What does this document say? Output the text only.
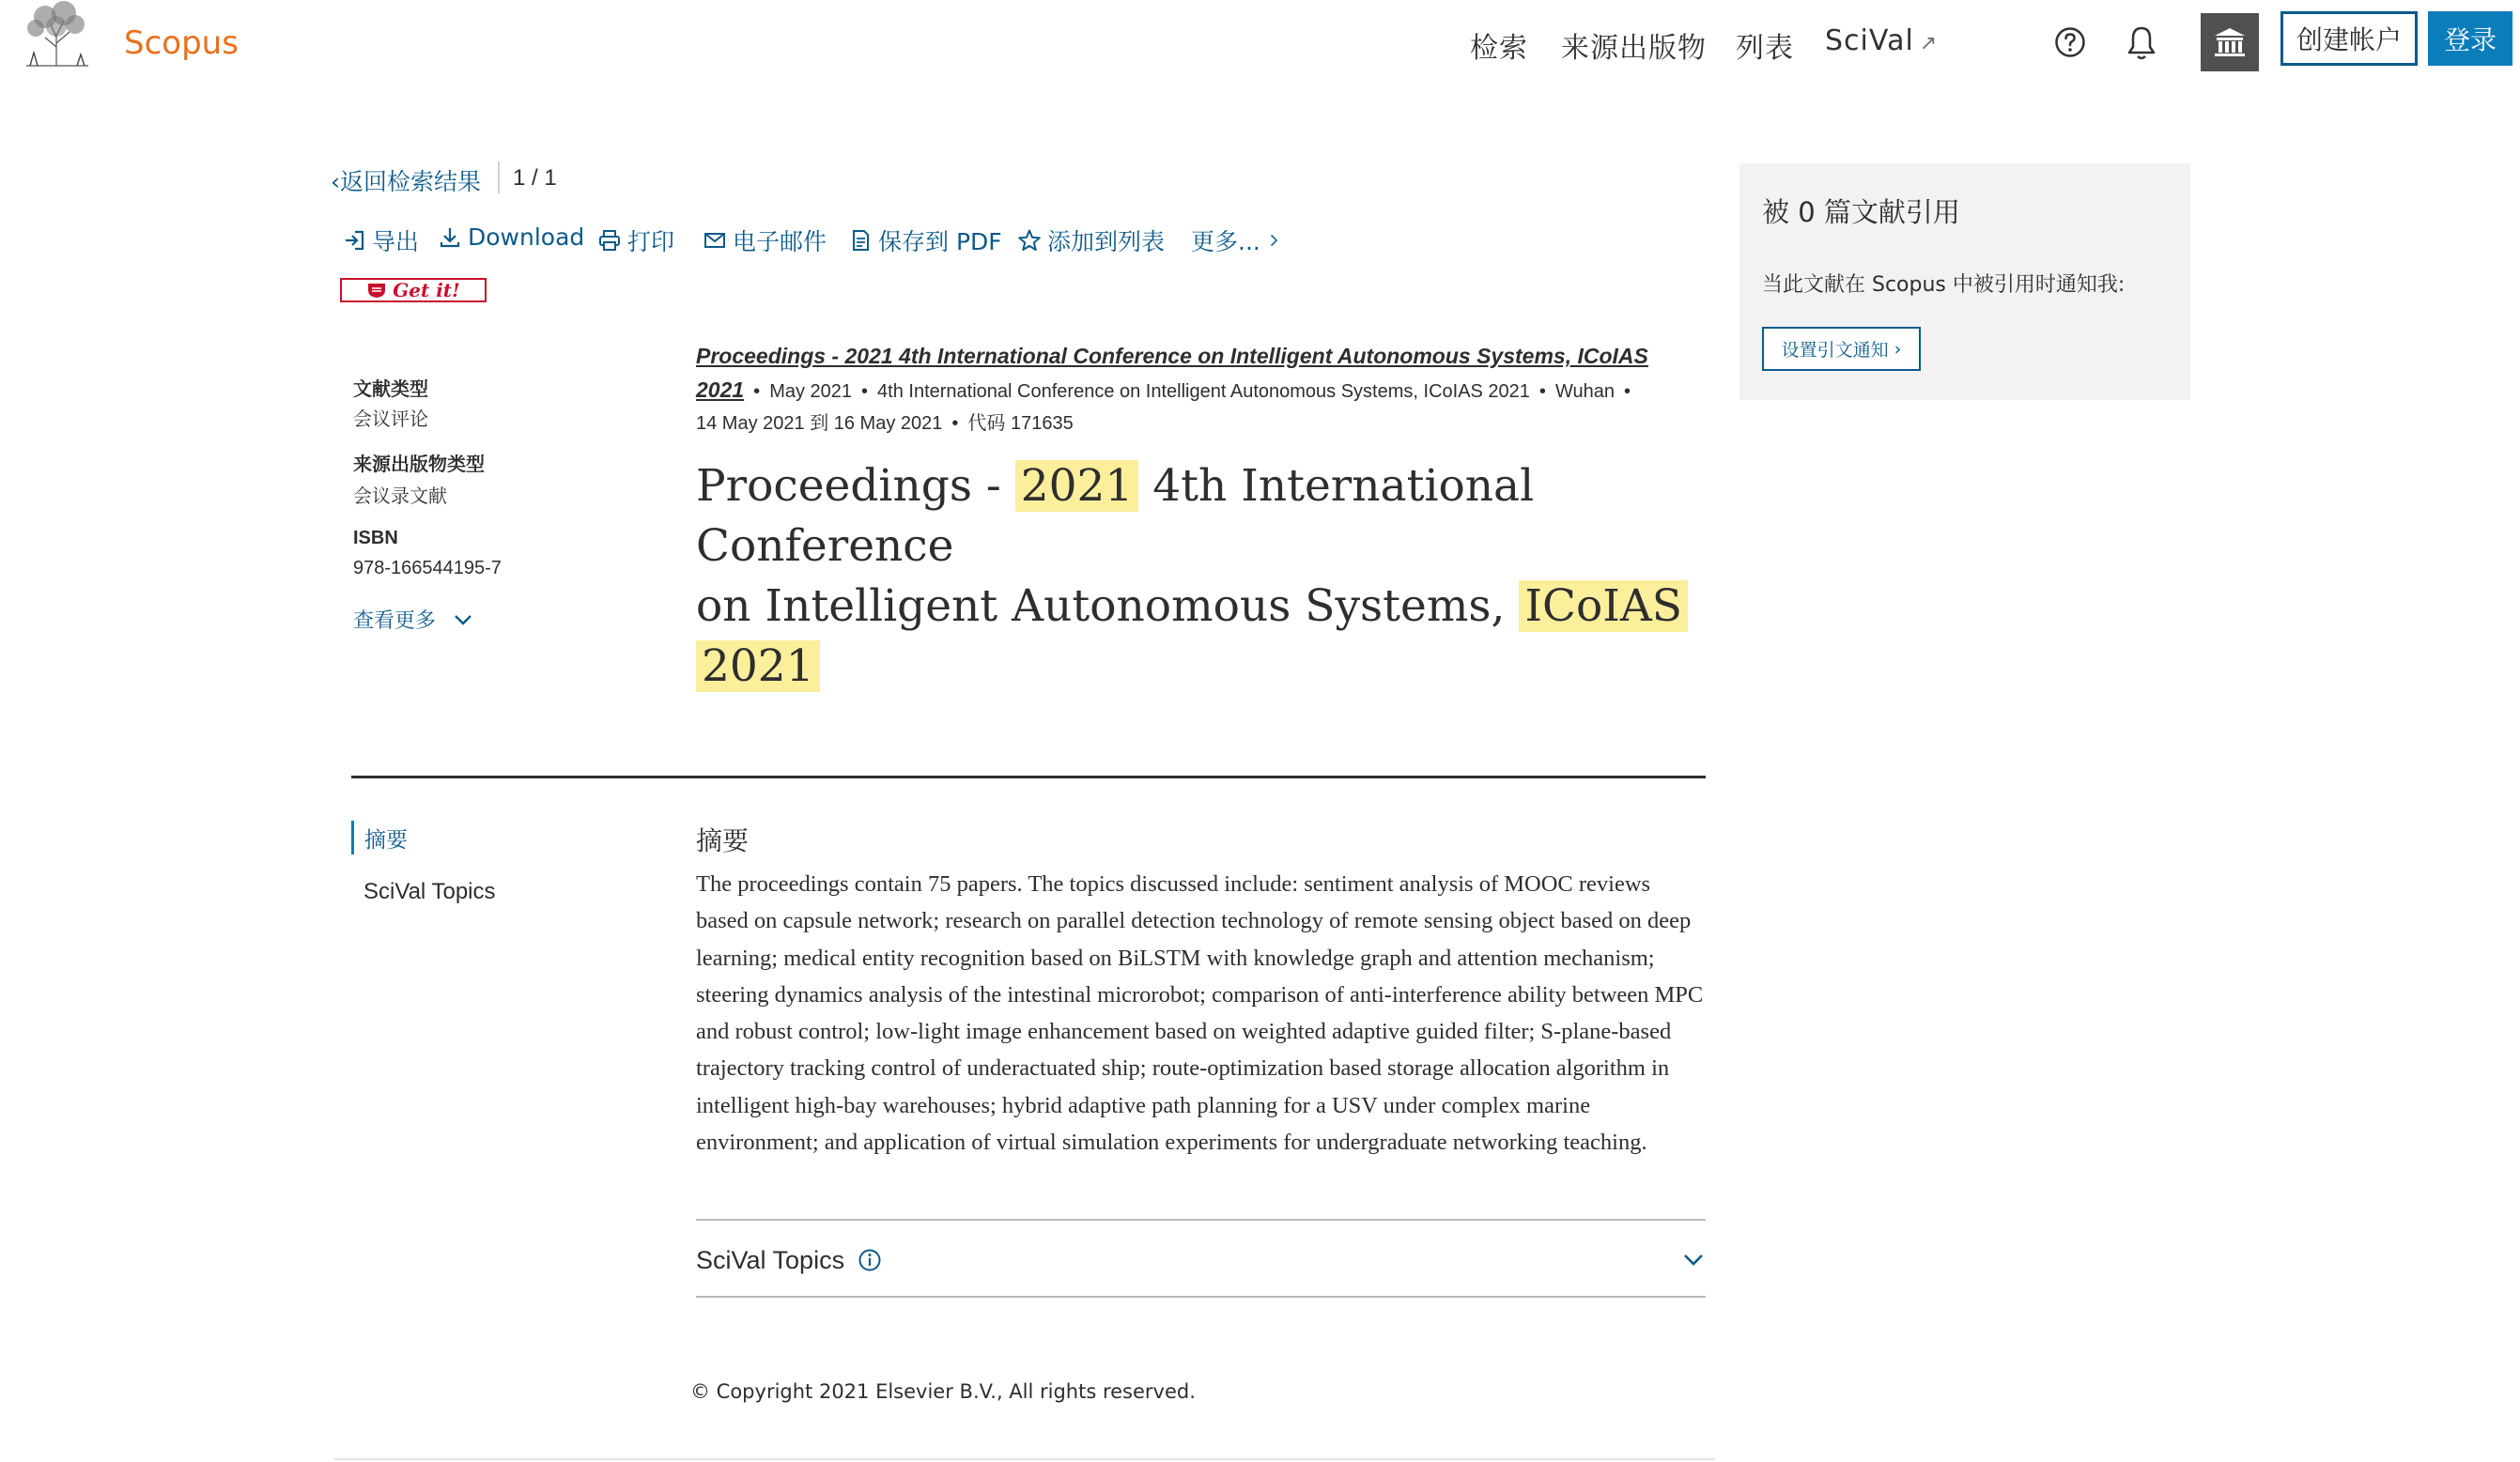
Scopus	检索 来源出版物 列表 SciVal ↗	创建帐户	登录
‹返回检索结果 1 / 1
导出 Download 打印 电子邮件 保存到 PDF 添加到列表 更多...
Get it!
文献类型
会议评论
来源出版物类型
会议录文献
ISBN
978-166544195-7
查看更多
Proceedings - 2021 4th International Conference on Intelligent Autonomous Systems, ICoIAS
2021 • May 2021 • 4th International Conference on Intelligent Autonomous Systems, ICoIAS 2021 • Wuhan •
14 May 2021 到 16 May 2021 • 代码 171635
Proceedings - 2021 4th International Conference
on Intelligent Autonomous Systems, ICoIAS 2021
摘要
SciVal Topics
摘要
The proceedings contain 75 papers. The topics discussed include: sentiment analysis of MOOC reviews based on capsule network; research on parallel detection technology of remote sensing object based on deep learning; medical entity recognition based on BiLSTM with knowledge graph and attention mechanism; steering dynamics analysis of the intestinal microrobot; comparison of anti-interference ability between MPC and robust control; low-light image enhancement based on weighted adaptive guided filter; S-plane-based trajectory tracking control of underactuated ship; route-optimization based storage allocation algorithm in intelligent high-bay warehouses; hybrid adaptive path planning for a USV under complex marine environment; and application of virtual simulation experiments for undergraduate networking teaching.
SciVal Topics
© Copyright 2021 Elsevier B.V., All rights reserved.
被 0 篇文献引用
当此文献在 Scopus 中被引用时通知我:
设置引文通知 ›
